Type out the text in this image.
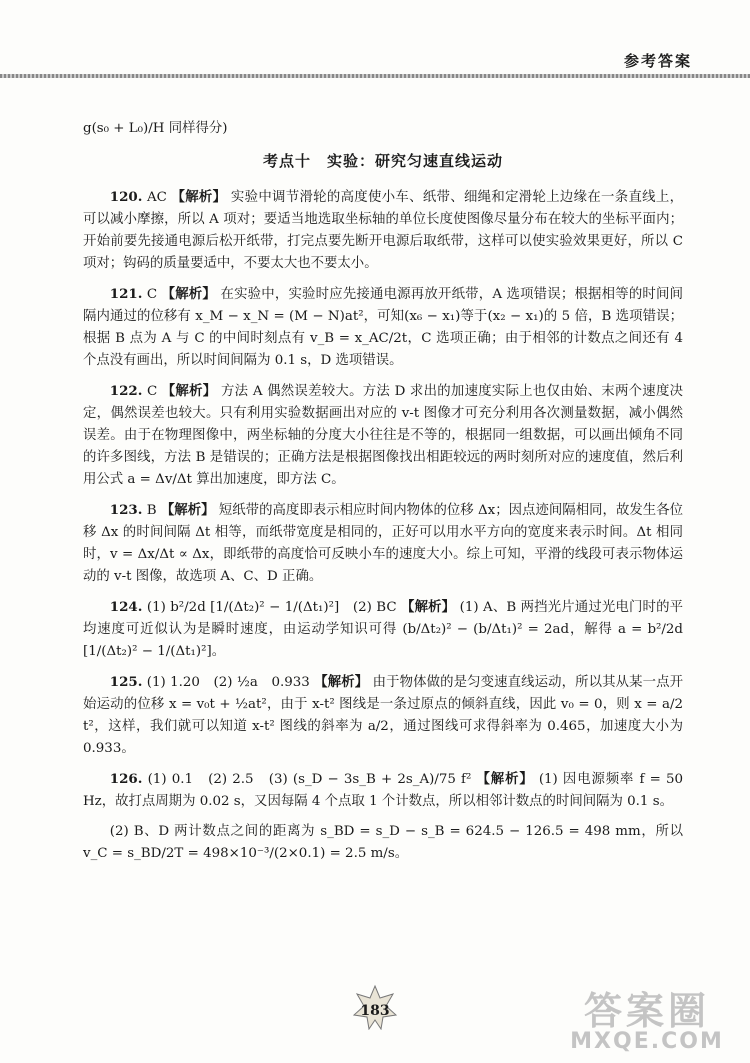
参考答案

g(s₀ + L₀)/H 同样得分)

考点十　实验：研究匀速直线运动

120. AC 【解析】 实验中调节滑轮的高度使小车、纸带、细绳和定滑轮上边缘在一条直线上，可以减小摩擦，所以 A 项对；要适当地选取坐标轴的单位长度使图像尽量分布在较大的坐标平面内；开始前要先接通电源后松开纸带，打完点要先断开电源后取纸带，这样可以使实验效果更好，所以 C 项对；钩码的质量要适中，不要太大也不要太小。

121. C 【解析】 在实验中，实验时应先接通电源再放开纸带，A 选项错误；根据相等的时间间隔内通过的位移有 x_M − x_N = (M − N)at²，可知(x₆ − x₁)等于(x₂ − x₁)的 5 倍，B 选项错误；根据 B 点为 A 与 C 的中间时刻点有 v_B = x_AC/2t，C 选项正确；由于相邻的计数点之间还有 4 个点没有画出，所以时间间隔为 0.1 s，D 选项错误。

122. C 【解析】 方法 A 偶然误差较大。方法 D 求出的加速度实际上也仅由始、末两个速度决定，偶然误差也较大。只有利用实验数据画出对应的 v-t 图像才可充分利用各次测量数据，减小偶然误差。由于在物理图像中，两坐标轴的分度大小往往是不等的，根据同一组数据，可以画出倾角不同的许多图线，方法 B 是错误的；正确方法是根据图像找出相距较远的两时刻所对应的速度值，然后利用公式 a = Δv/Δt 算出加速度，即方法 C。

123. B 【解析】 短纸带的高度即表示相应时间内物体的位移 Δx；因点迹间隔相同，故发生各位移 Δx 的时间间隔 Δt 相等，而纸带宽度是相同的，正好可以用水平方向的宽度来表示时间。Δt 相同时，v = Δx/Δt ∝ Δx，即纸带的高度恰可反映小车的速度大小。综上可知，平滑的线段可表示物体运动的 v-t 图像，故选项 A、C、D 正确。

124. (1) b²/2d [1/(Δt₂)² − 1/(Δt₁)²]　(2) BC 【解析】 (1) A、B 两挡光片通过光电门时的平均速度可近似认为是瞬时速度，由运动学知识可得 (b/Δt₂)² − (b/Δt₁)² = 2ad，解得 a = b²/2d [1/(Δt₂)² − 1/(Δt₁)²]。

125. (1) 1.20　(2) ½a　0.933 【解析】 由于物体做的是匀变速直线运动，所以其从某一点开始运动的位移 x = v₀t + ½at²，由于 x-t² 图线是一条过原点的倾斜直线，因此 v₀ = 0，则 x = a/2 t²，这样，我们就可以知道 x-t² 图线的斜率为 a/2，通过图线可求得斜率为 0.465，加速度大小为 0.933。

126. (1) 0.1　(2) 2.5　(3) (s_D − 3s_B + 2s_A)/75 f² 【解析】 (1) 因电源频率 f = 50 Hz，故打点周期为 0.02 s，又因每隔 4 个点取 1 个计数点，所以相邻计数点的时间间隔为 0.1 s。

(2) B、D 两计数点之间的距离为 s_BD = s_D − s_B = 624.5 − 126.5 = 498 mm，所以 v_C = s_BD/2T = 498×10⁻³/(2×0.1) = 2.5 m/s。

183	答案圈
MXQE.COM
